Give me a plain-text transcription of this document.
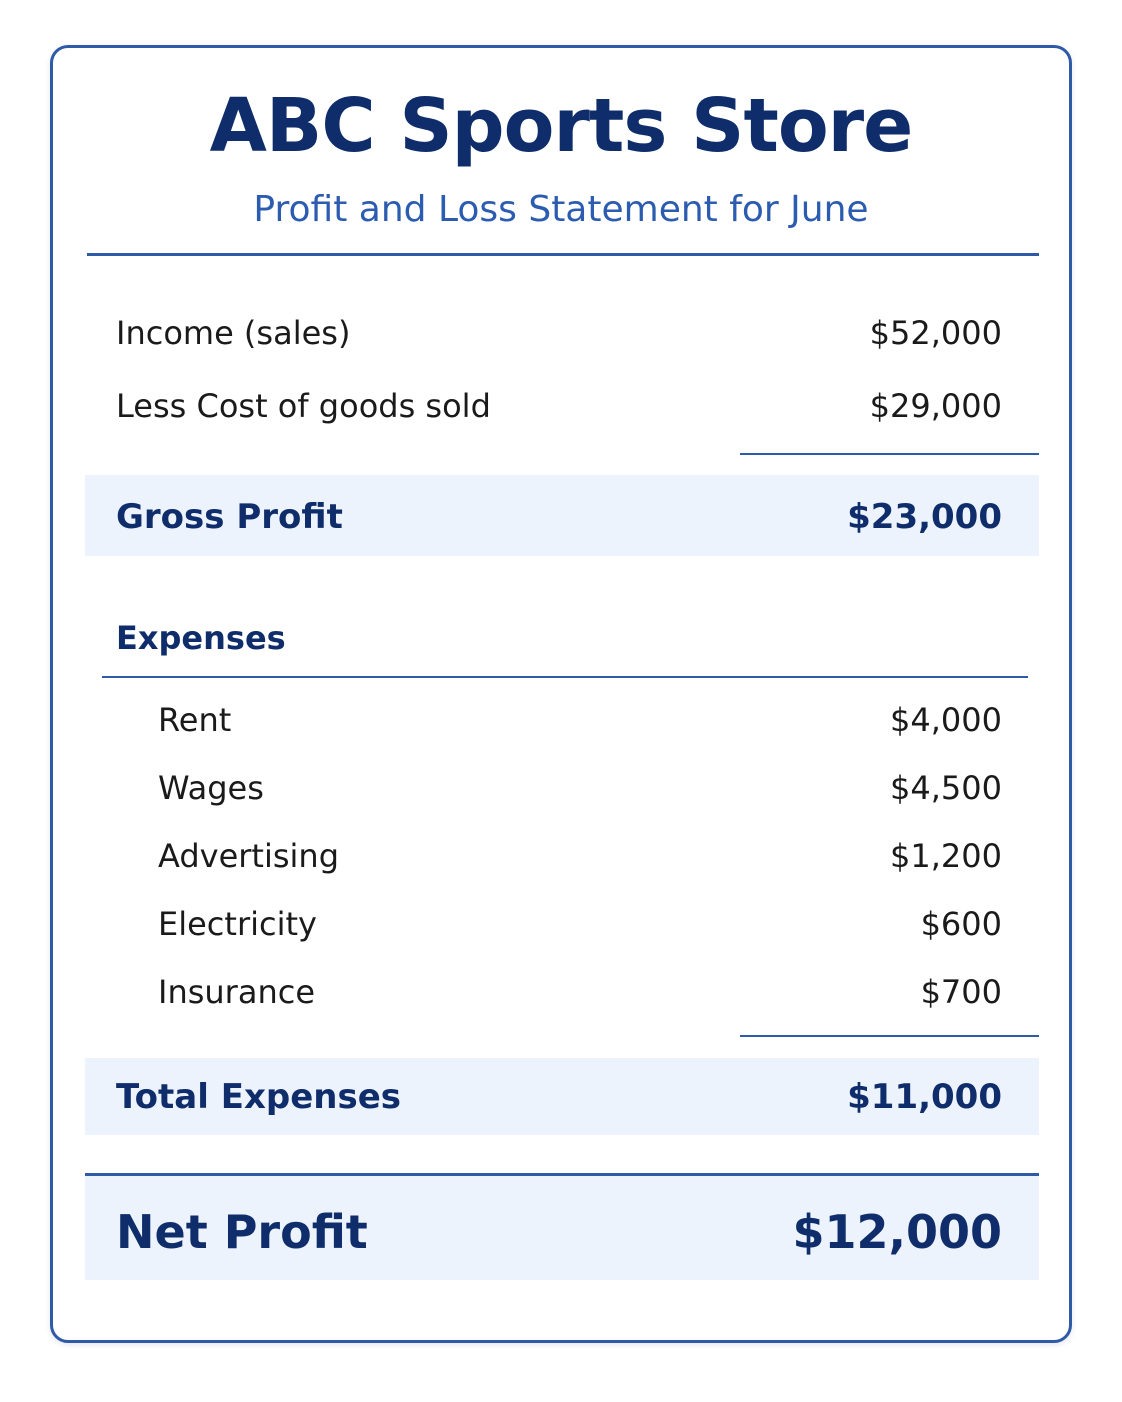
ABC Sports Store
Profit and Loss Statement for June
Income (sales)	$52,000
Less Cost of goods sold	$29,000
Gross Profit	$23,000
Expenses
Rent	$4,000
Wages	$4,500
Advertising	$1,200
Electricity	$600
Insurance	$700
Total Expenses	$11,000
Net Profit	$12,000
